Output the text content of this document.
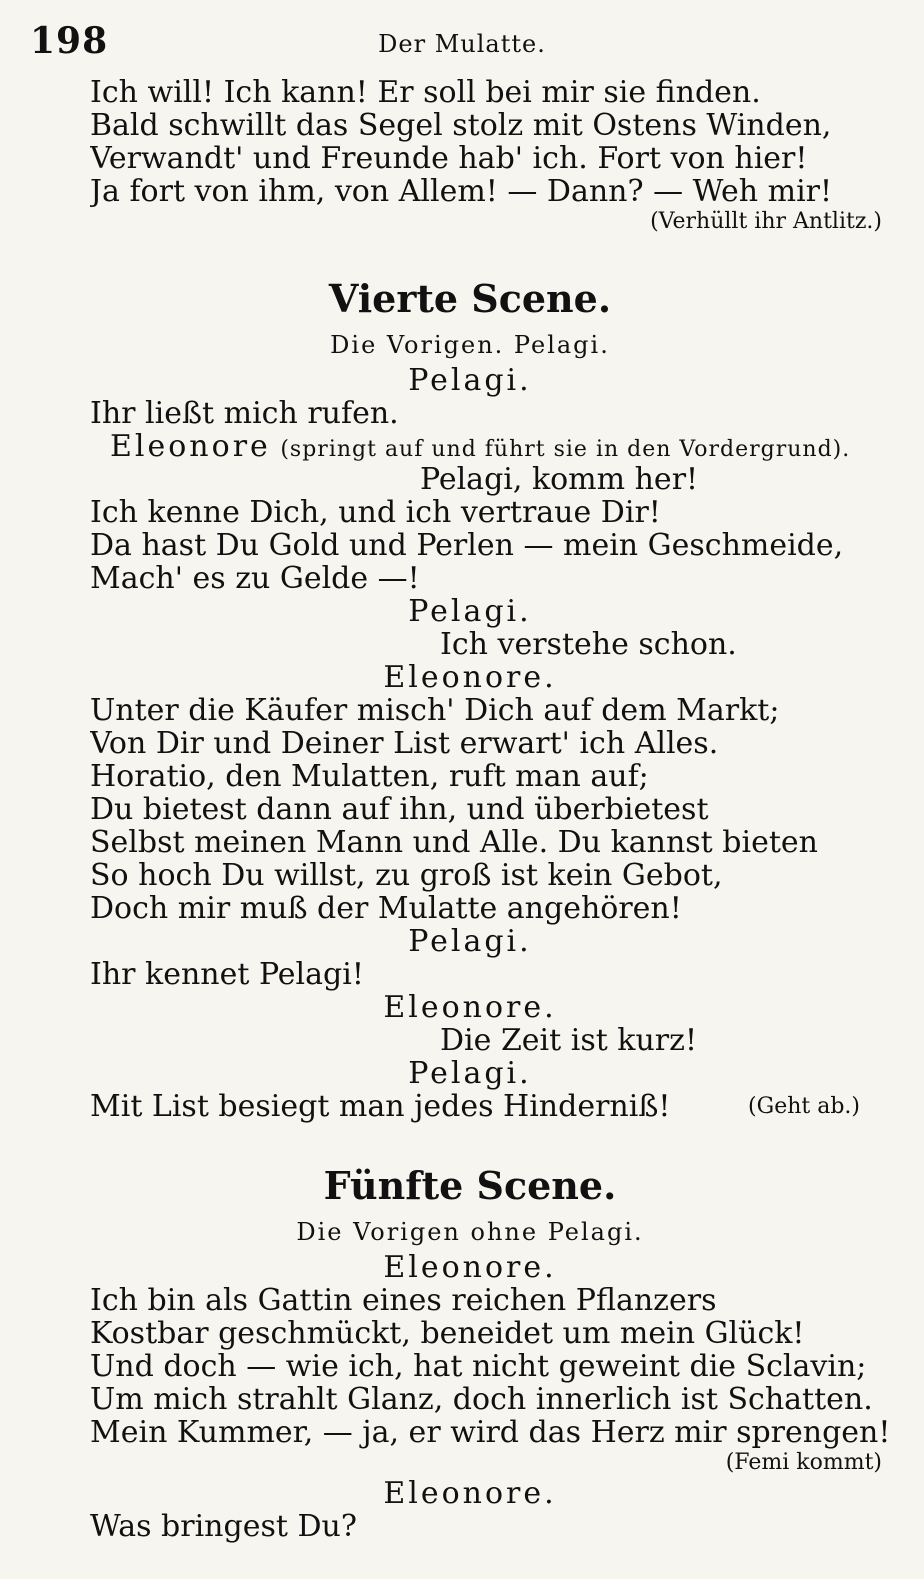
198	Der Mulatte.
Ich will! Ich kann! Er soll bei mir sie finden.
Bald schwillt das Segel stolz mit Ostens Winden,
Verwandt' und Freunde hab' ich. Fort von hier!
Ja fort von ihm, von Allem! — Dann? — Weh mir!
(Verhüllt ihr Antlitz.)
Vierte Scene.
Die Vorigen. Pelagi.
Pelagi.
Ihr ließt mich rufen.
Eleonore (springt auf und führt sie in den Vordergrund).
Pelagi, komm her!
Ich kenne Dich, und ich vertraue Dir!
Da hast Du Gold und Perlen — mein Geschmeide,
Mach' es zu Gelde —!
Pelagi.
Ich verstehe schon.
Eleonore.
Unter die Käufer misch' Dich auf dem Markt;
Von Dir und Deiner List erwart' ich Alles.
Horatio, den Mulatten, ruft man auf;
Du bietest dann auf ihn, und überbietest
Selbst meinen Mann und Alle. Du kannst bieten
So hoch Du willst, zu groß ist kein Gebot,
Doch mir muß der Mulatte angehören!
Pelagi.
Ihr kennet Pelagi!
Eleonore.
Die Zeit ist kurz!
Pelagi.
Mit List besiegt man jedes Hinderniß!	(Geht ab.)
Fünfte Scene.
Die Vorigen ohne Pelagi.
Eleonore.
Ich bin als Gattin eines reichen Pflanzers
Kostbar geschmückt, beneidet um mein Glück!
Und doch — wie ich, hat nicht geweint die Sclavin;
Um mich strahlt Glanz, doch innerlich ist Schatten.
Mein Kummer, — ja, er wird das Herz mir sprengen!
(Femi kommt)
Eleonore.
Was bringest Du?
